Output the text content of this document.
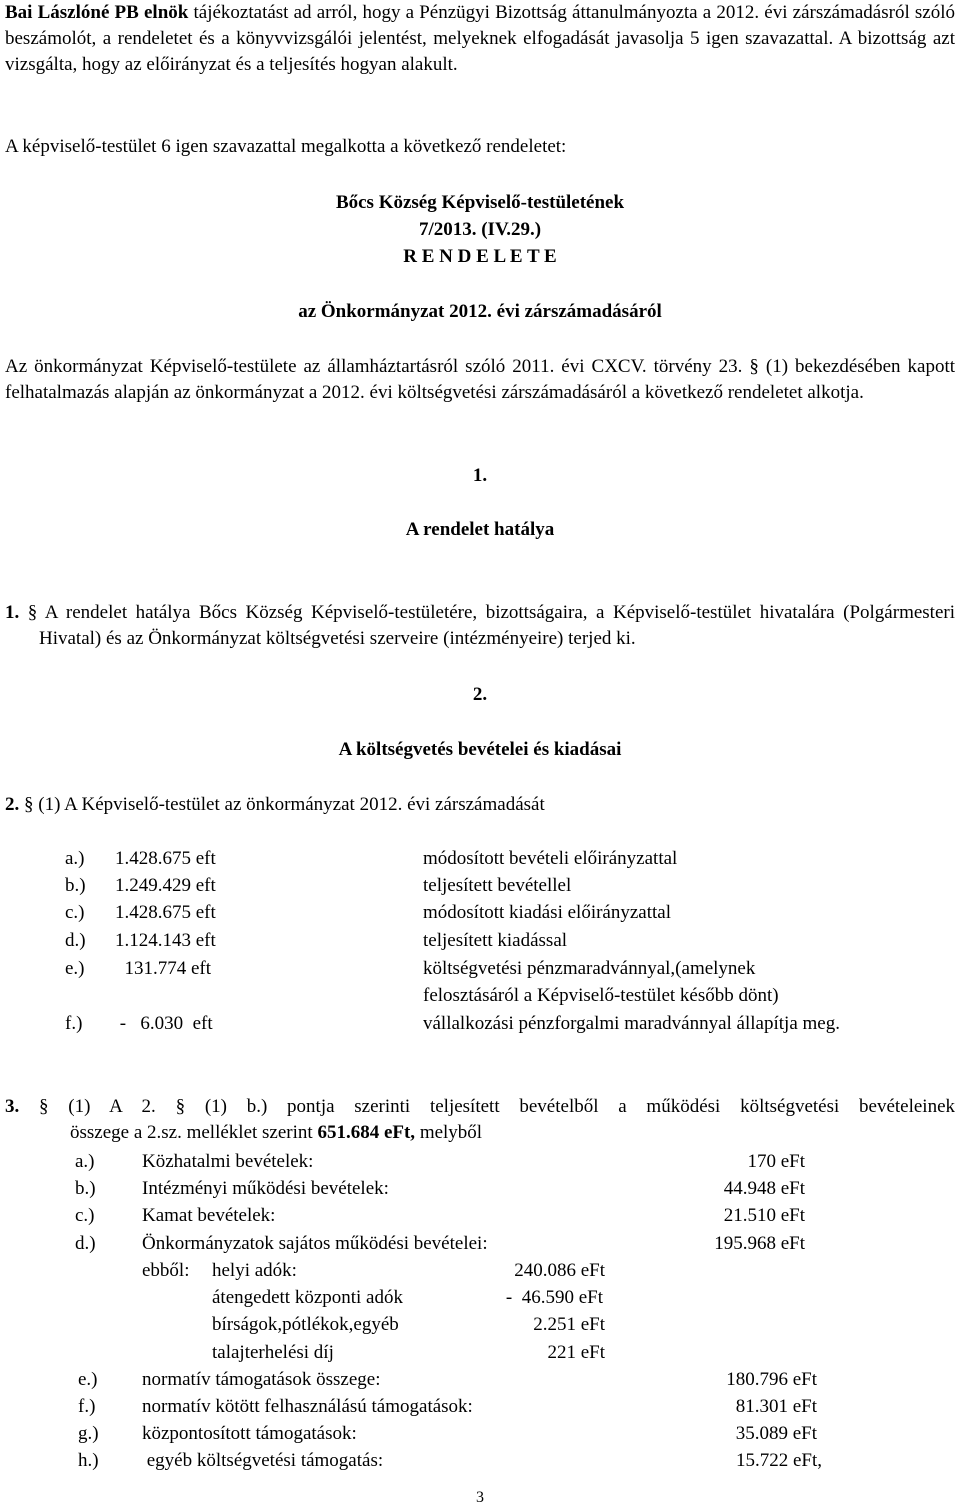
Bai Lászlóné PB elnök tájékoztatást ad arról, hogy a Pénzügyi Bizottság áttanulmányozta a 2012. évi zárszámadásról szóló beszámolót, a rendeletet és a könyvvizsgálói jelentést, melyeknek elfogadását javasolja 5 igen szavazattal. A bizottság azt vizsgálta, hogy az előirányzat és a teljesítés hogyan alakult.
A képviselő-testület 6 igen szavazattal megalkotta a következő rendeletet:
Bőcs Község Képviselő-testületének
7/2013. (IV.29.)
R E N D E L E T E
az Önkormányzat 2012. évi zárszámadásáról
Az önkormányzat Képviselő-testülete az államháztartásról szóló 2011. évi CXCV. törvény 23. § (1) bekezdésében kapott felhatalmazás alapján az önkormányzat a 2012. évi költségvetési zárszámadásáról a következő rendeletet alkotja.
1.
A rendelet hatálya
1. § A rendelet hatálya Bőcs Község Képviselő-testületére, bizottságaira, a Képviselő-testület hivatalára (Polgármesteri Hivatal) és az Önkormányzat költségvetési szerveire (intézményeire) terjed ki.
2.
A költségvetés bevételei és kiadásai
2. § (1) A Képviselő-testület az önkormányzat 2012. évi zárszámadását
a.) 1.428.675 eft	módosított bevételi előirányzattal
b.) 1.249.429 eft	teljesített bevétellel
c.) 1.428.675 eft	módosított kiadási előirányzattal
d.) 1.124.143 eft	teljesített kiadással
e.) 131.774 eft	költségvetési pénzmaradvánnyal,(amelynek
felosztásáról a Képviselő-testület később dönt)
f.) -   6.030  eft	vállalkozási pénzforgalmi maradvánnyal állapítja meg.
3. § (1) A 2. § (1) b.) pontja szerinti teljesített bevételből a működési költségvetési bevételeinek
összege a 2.sz. melléklet szerint 651.684 eFt, melyből
a.) Közhatalmi bevételek:	170 eFt
b.) Intézményi működési bevételek:	44.948 eFt
c.) Kamat bevételek:	21.510 eFt
d.) Önkormányzatok sajátos működési bevételei:	195.968 eFt
ebből: helyi adók:	240.086 eFt
átengedett központi adók	-  46.590 eFt
bírságok,pótlékok,egyéb	2.251 eFt
talajterhelési díj	221 eFt
e.) normatív támogatások összege:	180.796 eFt
f.) normatív kötött felhasználású támogatások:	81.301 eFt
g.) központosított támogatások:	35.089 eFt
h.) egyéb költségvetési támogatás:	15.722 eFt,
3
